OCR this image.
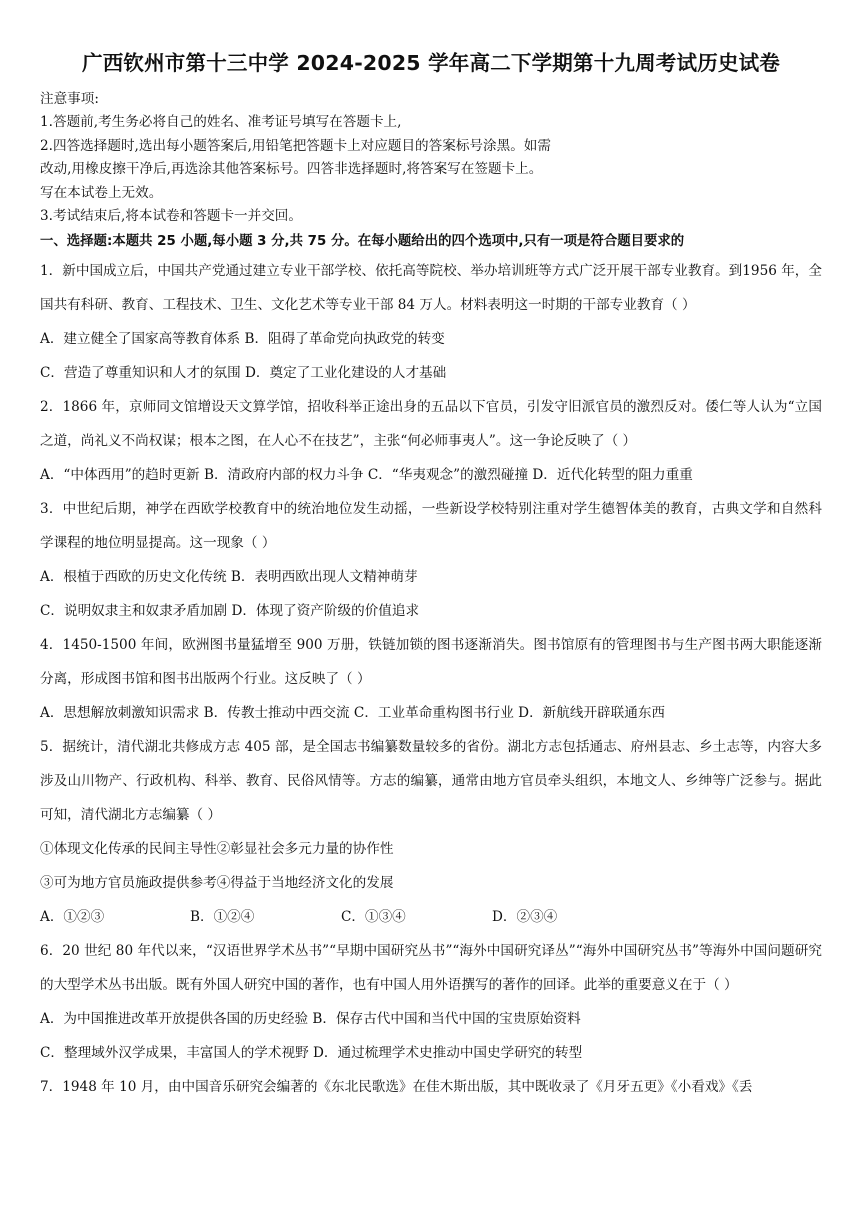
广西钦州市第十三中学 2024-2025 学年高二下学期第十九周考试历史试卷
注意事项:
1.答题前,考生务必将自己的姓名、准考证号填写在答题卡上,
2.四答选择题时,选出每小题答案后,用铅笔把答题卡上对应题目的答案标号涂黑。如需
改动,用橡皮擦干净后,再选涂其他答案标号。四答非选择题时,将答案写在签题卡上。
写在本试卷上无效。
3.考试结束后,将本试卷和答题卡一并交回。
一、选择题:本题共 25 小题,每小题 3 分,共 75 分。在每小题给出的四个选项中,只有一项是符合题目要求的
1．新中国成立后，中国共产党通过建立专业干部学校、依托高等院校、举办培训班等方式广泛开展干部专业教育。到1956 年，全国共有科研、教育、工程技术、卫生、文化艺术等专业干部 84 万人。材料表明这一时期的干部专业教育（ ）
A．建立健全了国家高等教育体系 B．阻碍了革命党向执政党的转变
C．营造了尊重知识和人才的氛围 D．奠定了工业化建设的人才基础
2．1866 年，京师同文馆增设天文算学馆，招收科举正途出身的五品以下官员，引发守旧派官员的激烈反对。倭仁等人认为“立国之道，尚礼义不尚权谋；根本之图，在人心不在技艺”，主张“何必师事夷人”。这一争论反映了（ ）
A．“中体西用”的趋时更新 B．清政府内部的权力斗争 C．“华夷观念”的激烈碰撞 D．近代化转型的阻力重重
3．中世纪后期，神学在西欧学校教育中的统治地位发生动摇，一些新设学校特别注重对学生德智体美的教育，古典文学和自然科学课程的地位明显提高。这一现象（ ）
A．根植于西欧的历史文化传统 B．表明西欧出现人文精神萌芽
C．说明奴隶主和奴隶矛盾加剧 D．体现了资产阶级的价值追求
4．1450-1500 年间，欧洲图书量猛增至 900 万册，铁链加锁的图书逐渐消失。图书馆原有的管理图书与生产图书两大职能逐渐分离，形成图书馆和图书出版两个行业。这反映了（ ）
A．思想解放刺激知识需求 B．传教士推动中西交流 C．工业革命重构图书行业 D．新航线开辟联通东西
5．据统计，清代湖北共修成方志 405 部，是全国志书编纂数量较多的省份。湖北方志包括通志、府州县志、乡土志等，内容大多涉及山川物产、行政机构、科举、教育、民俗风情等。方志的编纂，通常由地方官员牵头组织，本地文人、乡绅等广泛参与。据此可知，清代湖北方志编纂（ ）
①体现文化传承的民间主导性②彰显社会多元力量的协作性
③可为地方官员施政提供参考④得益于当地经济文化的发展
A．①②③	B．①②④	C．①③④	D．②③④
6．20 世纪 80 年代以来，“汉语世界学术丛书”“早期中国研究丛书”“海外中国研究译丛”“海外中国研究丛书”等海外中国问题研究的大型学术丛书出版。既有外国人研究中国的著作，也有中国人用外语撰写的著作的回译。此举的重要意义在于（ ）
A．为中国推进改革开放提供各国的历史经验 B．保存古代中国和当代中国的宝贵原始资料
C．整理域外汉学成果，丰富国人的学术视野 D．通过梳理学术史推动中国史学研究的转型
7．1948 年 10 月，由中国音乐研究会编著的《东北民歌选》在佳木斯出版，其中既收录了《月牙五更》《小看戏》《丢
